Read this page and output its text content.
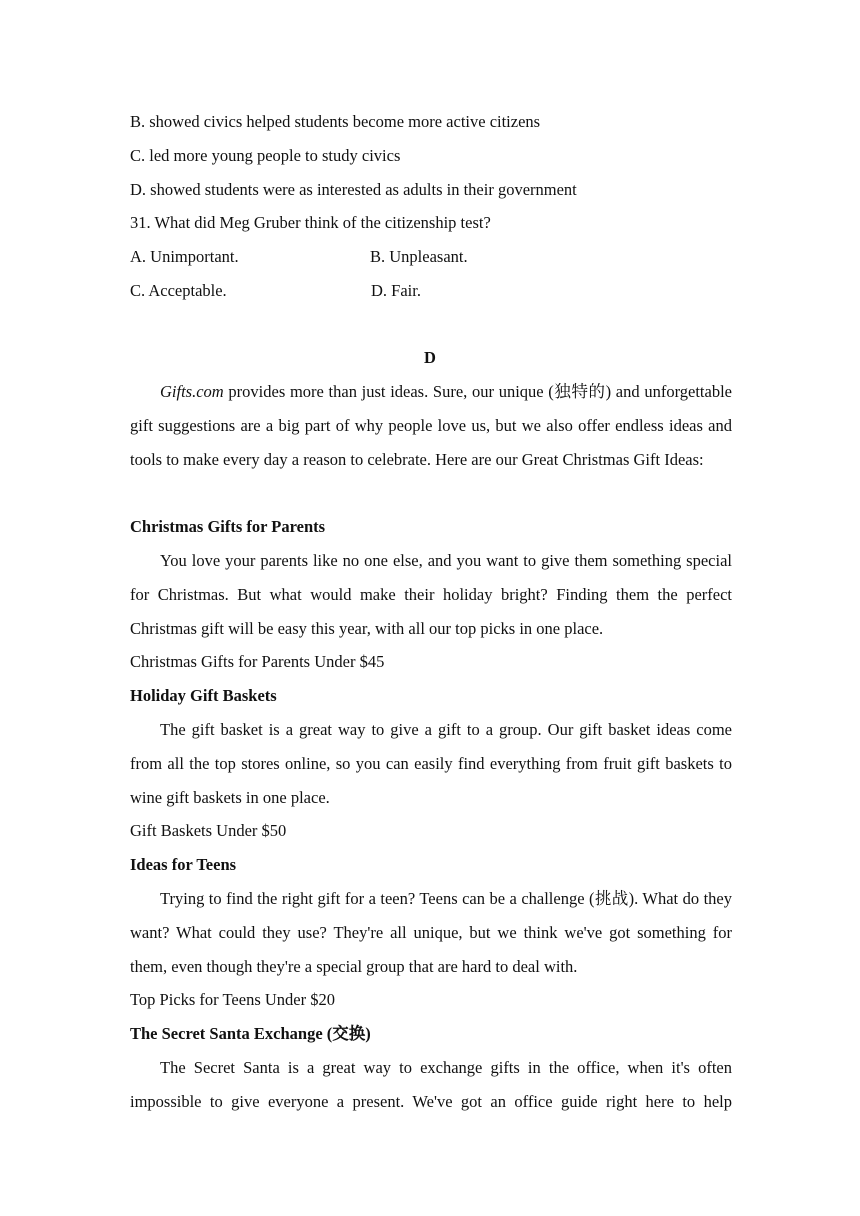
B. showed civics helped students become more active citizens
C. led more young people to study civics
D. showed students were as interested as adults in their government
31. What did Meg Gruber think of the citizenship test?
A. Unimportant.	B. Unpleasant.
C. Acceptable.	D. Fair.
D
Gifts.com provides more than just ideas. Sure, our unique (独特的) and unforgettable gift suggestions are a big part of why people love us, but we also offer endless ideas and tools to make every day a reason to celebrate. Here are our Great Christmas Gift Ideas:
Christmas Gifts for Parents
You love your parents like no one else, and you want to give them something special for Christmas. But what would make their holiday bright? Finding them the perfect Christmas gift will be easy this year, with all our top picks in one place.
Christmas Gifts for Parents Under $45
Holiday Gift Baskets
The gift basket is a great way to give a gift to a group. Our gift basket ideas come from all the top stores online, so you can easily find everything from fruit gift baskets to wine gift baskets in one place.
Gift Baskets Under $50
Ideas for Teens
Trying to find the right gift for a teen? Teens can be a challenge (挑战). What do they want? What could they use? They're all unique, but we think we've got something for them, even though they're a special group that are hard to deal with.
Top Picks for Teens Under $20
The Secret Santa Exchange (交换)
The Secret Santa is a great way to exchange gifts in the office, when it's often impossible to give everyone a present. We've got an office guide right here to help
